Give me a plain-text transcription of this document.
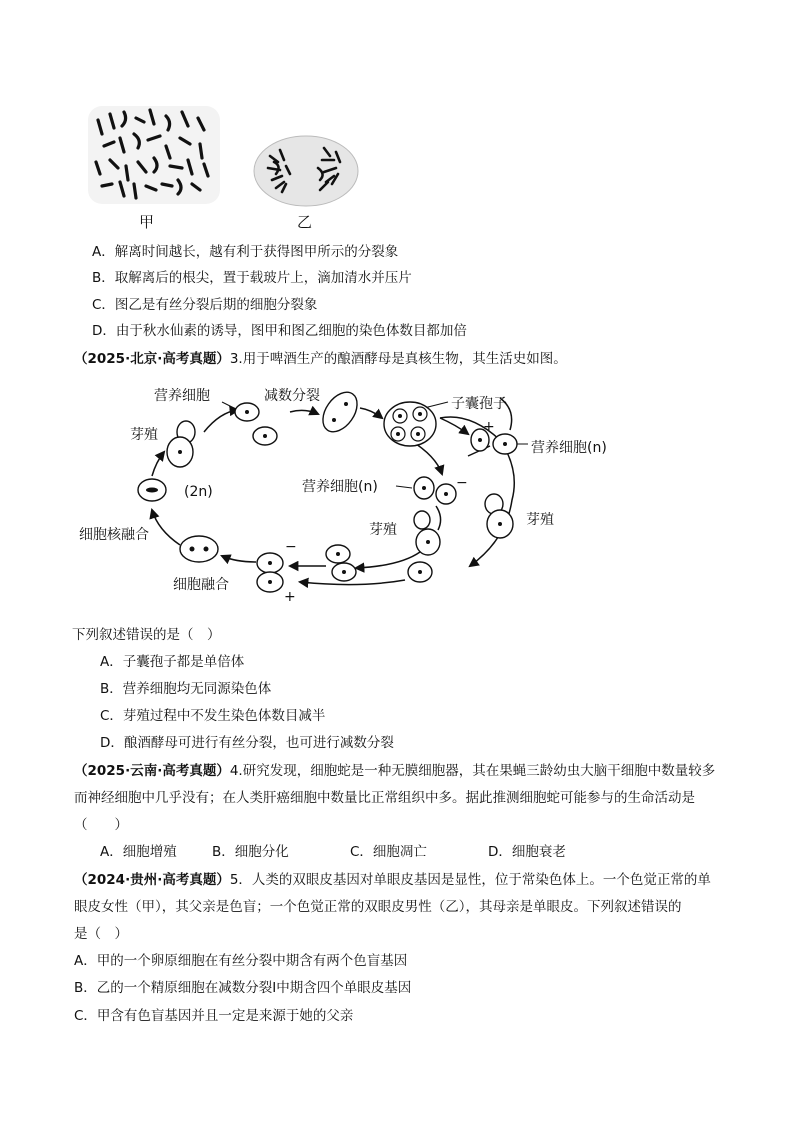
甲	乙
A．解离时间越长，越有利于获得图甲所示的分裂象
B．取解离后的根尖，置于载玻片上，滴加清水并压片
C．图乙是有丝分裂后期的细胞分裂象
D．由于秋水仙素的诱导，图甲和图乙细胞的染色体数目都加倍
（2025·北京·高考真题）3.用于啤酒生产的酿酒酵母是真核生物，其生活史如图。
营养细胞	减数分裂	子囊孢子
+
营养细胞(n)
芽殖
(2n)	营养细胞(n)	−
芽殖
芽殖
细胞核融合
−
细胞融合
+
下列叙述错误的是（　）
A．子囊孢子都是单倍体
B．营养细胞均无同源染色体
C．芽殖过程中不发生染色体数目减半
D．酿酒酵母可进行有丝分裂，也可进行减数分裂
（2025·云南·高考真题）4.研究发现，细胞蛇是一种无膜细胞器，其在果蝇三龄幼虫大脑干细胞中数量较多
而神经细胞中几乎没有；在人类肝癌细胞中数量比正常组织中多。据此推测细胞蛇可能参与的生命活动是
（　　）
A．细胞增殖	B．细胞分化	C．细胞凋亡	D．细胞衰老
（2024·贵州·高考真题）5．人类的双眼皮基因对单眼皮基因是显性，位于常染色体上。一个色觉正常的单
眼皮女性（甲），其父亲是色盲；一个色觉正常的双眼皮男性（乙），其母亲是单眼皮。下列叙述错误的
是（　）
A．甲的一个卵原细胞在有丝分裂中期含有两个色盲基因
B．乙的一个精原细胞在减数分裂Ⅰ中期含四个单眼皮基因
C．甲含有色盲基因并且一定是来源于她的父亲
